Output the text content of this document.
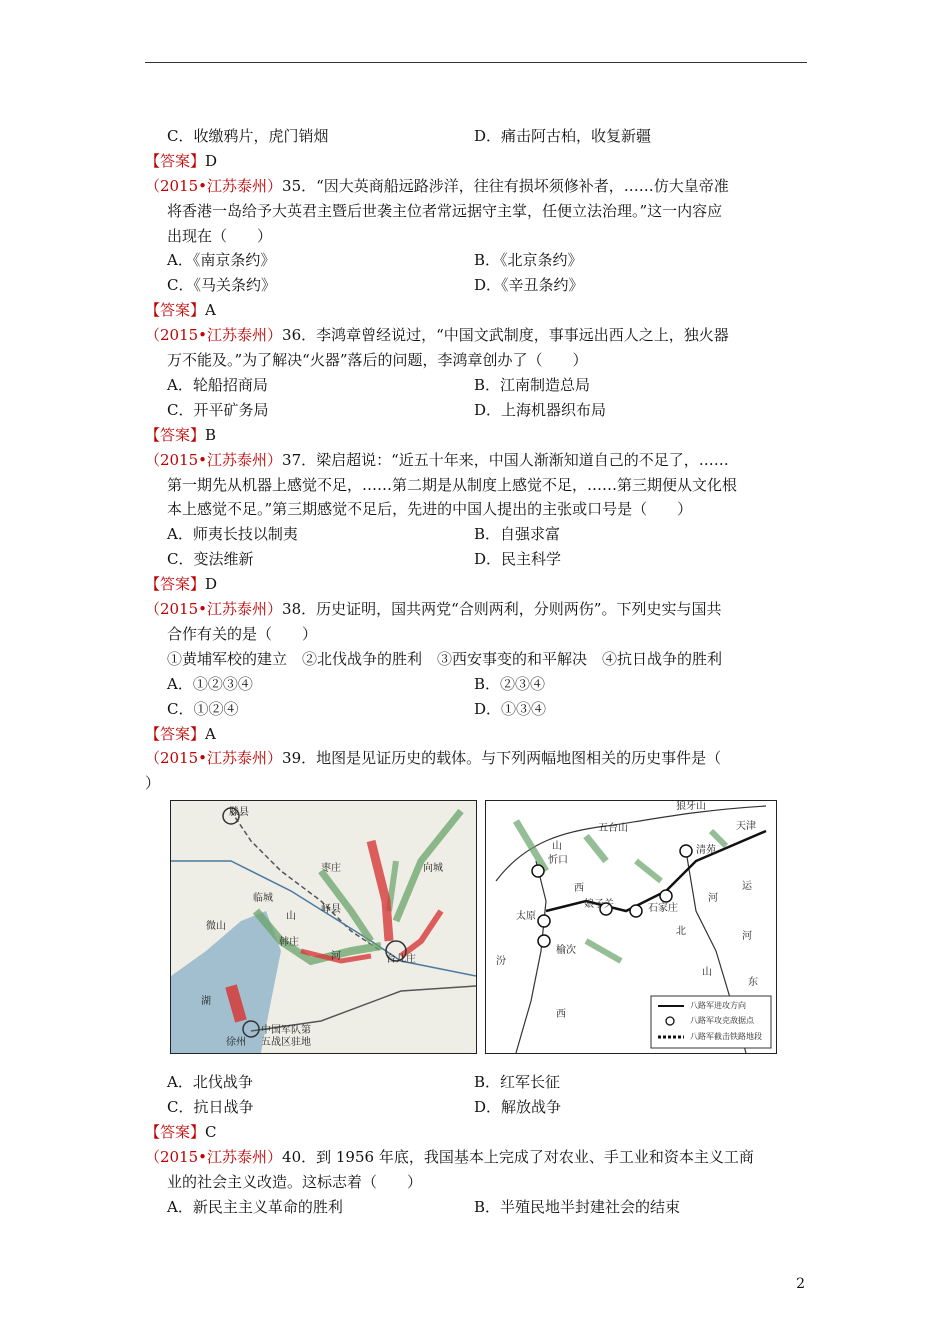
C．收缴鸦片，虎门销烟	D．痛击阿古柏，收复新疆
【答案】D
（2015•江苏泰州）35．“因大英商船远路涉洋，往往有损坏须修补者，……仿大皇帝准
将香港一岛给予大英君主暨后世袭主位者常远据守主掌，任便立法治理。”这一内容应
出现在（　　）
A．《南京条约》	B．《北京条约》
C．《马关条约》	D．《辛丑条约》
【答案】A
（2015•江苏泰州）36．李鸿章曾经说过，“中国文武制度，事事远出西人之上，独火器
万不能及。”为了解决“火器”落后的问题，李鸿章创办了（　　）
A．轮船招商局	B．江南制造总局
C．开平矿务局	D．上海机器织布局
【答案】B
（2015•江苏泰州）37．梁启超说：“近五十年来，中国人渐渐知道自己的不足了，……
第一期先从机器上感觉不足，……第二期是从制度上感觉不足，……第三期便从文化根
本上感觉不足。”第三期感觉不足后，先进的中国人提出的主张或口号是（　　）
A．师夷长技以制夷	B．自强求富
C．变法维新	D．民主科学
【答案】D
（2015•江苏泰州）38．历史证明，国共两党“合则两利，分则两伤”。下列史实与国共
合作有关的是（　　）
①黄埔军校的建立　②北伐战争的胜利　③西安事变的和平解决　④抗日战争的胜利
A．①②③④	B．②③④
C．①②④	D．①③④
【答案】A
（2015•江苏泰州）39．地图是见证历史的载体。与下列两幅地图相关的历史事件是（
）
滕县
枣庄
临城
峄县
向城
韩庄
台儿庄
山
湖
河
微山
中国军队第
五战区驻地
徐州
五台山
狼牙山
天津
山
忻口
清苑
西
娘子关	石家庄
太原
河
北
汾
榆次
西
山
东
运
河
八路军进攻方向
八路军攻克敌据点
八路军截击铁路地段
A．北伐战争	B．红军长征
C．抗日战争	D．解放战争
【答案】C
（2015•江苏泰州）40．到 1956 年底，我国基本上完成了对农业、手工业和资本主义工商
业的社会主义改造。这标志着（　　）
A．新民主主义革命的胜利	B．半殖民地半封建社会的结束
2
